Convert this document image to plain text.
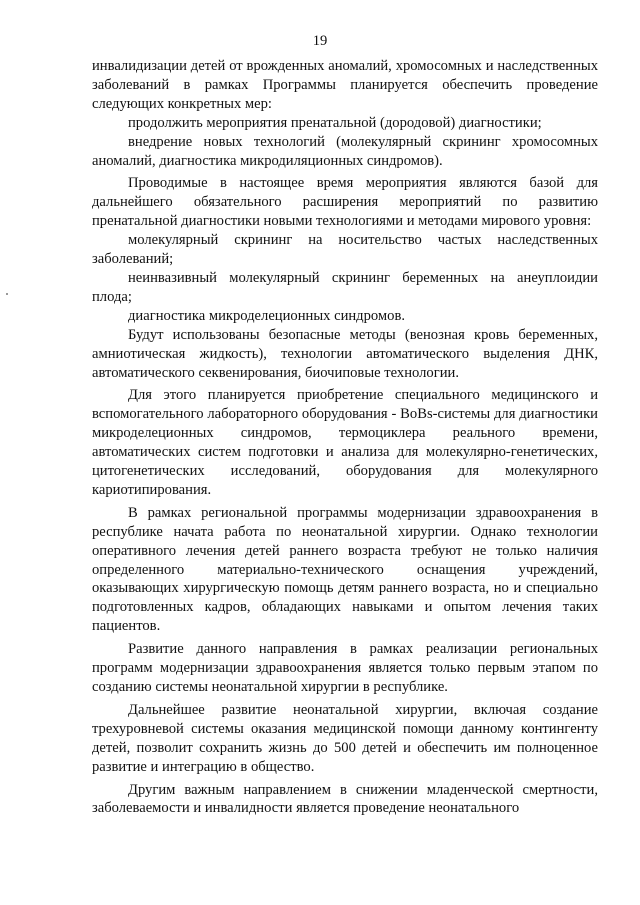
19

инвалидизации детей от врожденных аномалий, хромосомных и наследственных заболеваний в рамках Программы планируется обеспечить проведение следующих конкретных мер:

продолжить мероприятия пренатальной (дородовой) диагностики;

внедрение новых технологий (молекулярный скрининг хромосомных аномалий, диагностика микродиляционных синдромов).

Проводимые в настоящее время мероприятия являются базой для дальнейшего обязательного расширения мероприятий по развитию пренатальной диагностики новыми технологиями и методами мирового уровня:

молекулярный скрининг на носительство частых наследственных заболеваний;

неинвазивный молекулярный скрининг беременных на анеуплоидии плода;

диагностика микроделеционных синдромов.

Будут использованы безопасные методы (венозная кровь беременных, амниотическая жидкость), технологии автоматического выделения ДНК, автоматического секвенирования, биочиповые технологии.

Для этого планируется приобретение специального медицинского и вспомогательного лабораторного оборудования - BoBs-системы для диагностики микроделеционных синдромов, термоциклера реального времени, автоматических систем подготовки и анализа для молекулярно-генетических, цитогенетических исследований, оборудования для молекулярного кариотипирования.

В рамках региональной программы модернизации здравоохранения в республике начата работа по неонатальной хирургии. Однако технологии оперативного лечения детей раннего возраста требуют не только наличия определенного материально-технического оснащения учреждений, оказывающих хирургическую помощь детям раннего возраста, но и специально подготовленных кадров, обладающих навыками и опытом лечения таких пациентов.

Развитие данного направления в рамках реализации региональных программ модернизации здравоохранения является только первым этапом по созданию системы неонатальной хирургии в республике.

Дальнейшее развитие неонатальной хирургии, включая создание трехуровневой системы оказания медицинской помощи данному контингенту детей, позволит сохранить жизнь до 500 детей и обеспечить им полноценное развитие и интеграцию в общество.

Другим важным направлением в снижении младенческой смертности, заболеваемости и инвалидности является проведение неонатального
